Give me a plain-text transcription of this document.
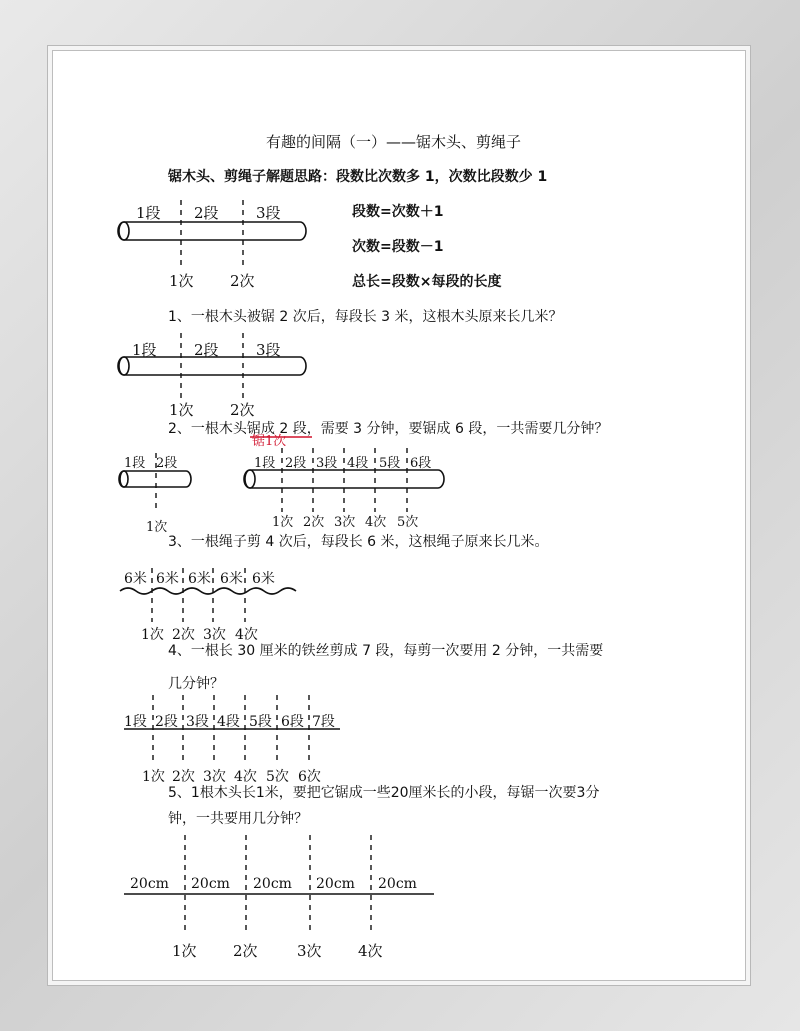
有趣的间隔（一）——锯木头、剪绳子
锯木头、剪绳子解题思路：段数比次数多 1，次数比段数少 1
段数=次数＋1
次数=段数－1
总长=段数×每段的长度
1段 2段 3段
1次 2次
1、一根木头被锯 2 次后，每段长 3 米，这根木头原来长几米？
1段 2段 3段
1次 2次
2、一根木头锯成 2 段，需要 3 分钟，要锯成 6 段，一共需要几分钟？
锯1次
1段 2段
1次
1段 2段 3段 4段 5段 6段
1次 2次 3次 4次 5次
3、一根绳子剪 4 次后，每段长 6 米，这根绳子原来长几米。
6米 6米 6米 6米 6米
1次 2次 3次 4次
4、一根长 30 厘米的铁丝剪成 7 段，每剪一次要用 2 分钟，一共需要
几分钟？
1段 2段 3段 4段 5段 6段 7段
1次 2次 3次 4次 5次 6次
5、1根木头长1米，要把它锯成一些20厘米长的小段，每锯一次要3分
钟，一共要用几分钟？
20cm 20cm 20cm 20cm 20cm
1次 2次	3次 4次
